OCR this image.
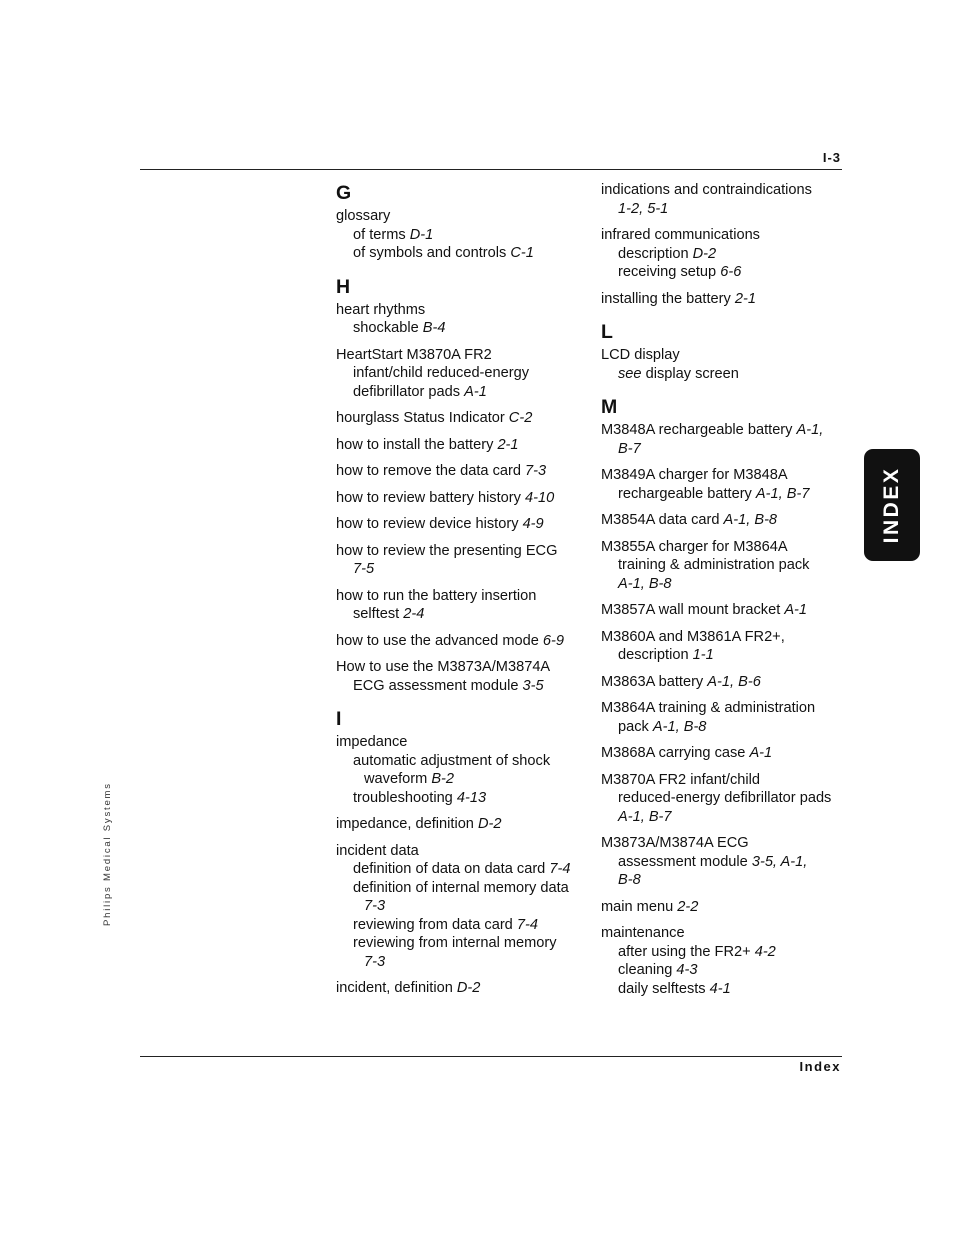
I-3
G
glossary
of terms D-1
of symbols and controls C-1
H
heart rhythms
shockable B-4
HeartStart M3870A FR2
infant/child reduced-energy
defibrillator pads A-1
hourglass Status Indicator C-2
how to install the battery 2-1
how to remove the data card 7-3
how to review battery history 4-10
how to review device history 4-9
how to review the presenting ECG
7-5
how to run the battery insertion
selftest 2-4
how to use the advanced mode 6-9
How to use the M3873A/M3874A
ECG assessment module 3-5
I
impedance
automatic adjustment of shock
waveform B-2
troubleshooting 4-13
impedance, definition D-2
incident data
definition of data on data card 7-4
definition of internal memory data
7-3
reviewing from data card 7-4
reviewing from internal memory
7-3
incident, definition D-2
indications and contraindications
1-2, 5-1
infrared communications
description D-2
receiving setup 6-6
installing the battery 2-1
L
LCD display
see display screen
M
M3848A rechargeable battery A-1,
B-7
M3849A charger for M3848A
rechargeable battery A-1, B-7
M3854A data card A-1, B-8
M3855A charger for M3864A
training & administration pack
A-1, B-8
M3857A wall mount bracket A-1
M3860A and M3861A FR2+,
description 1-1
M3863A battery A-1, B-6
M3864A training & administration
pack A-1, B-8
M3868A carrying case A-1
M3870A FR2 infant/child
reduced-energy defibrillator pads
A-1, B-7
M3873A/M3874A ECG
assessment module 3-5, A-1,
B-8
main menu 2-2
maintenance
after using the FR2+ 4-2
cleaning 4-3
daily selftests 4-1
INDEX
Philips Medical Systems
Index
